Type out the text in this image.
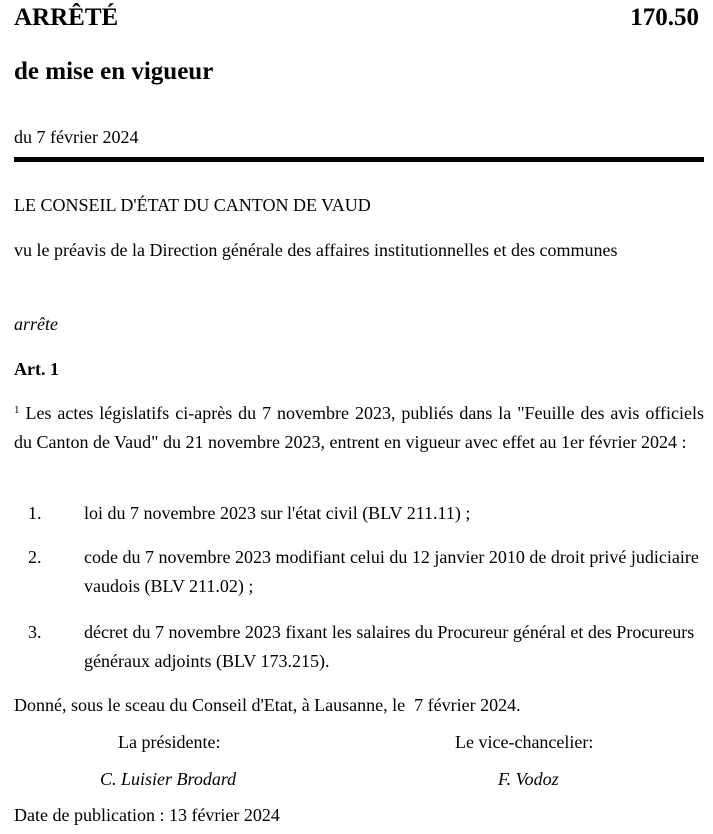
ARRÊTÉ	170.50
de mise en vigueur
du 7 février 2024
LE CONSEIL D'ÉTAT DU CANTON DE VAUD
vu le préavis de la Direction générale des affaires institutionnelles et des communes
arrête
Art. 1
$^1$ Les actes législatifs ci-après du 7 novembre 2023, publiés dans la "Feuille des avis officiels du Canton de Vaud" du 21 novembre 2023, entrent en vigueur avec effet au 1er février 2024 :
1. loi du 7 novembre 2023 sur l'état civil (BLV 211.11) ;
2. code du 7 novembre 2023 modifiant celui du 12 janvier 2010 de droit privé judiciaire vaudois (BLV 211.02) ;
3. décret du 7 novembre 2023 fixant les salaires du Procureur général et des Procureurs généraux adjoints (BLV 173.215).
Donné, sous le sceau du Conseil d'Etat, à Lausanne, le  7 février 2024.
La présidente:	Le vice-chancelier:
C. Luisier Brodard	F. Vodoz
Date de publication : 13 février 2024
